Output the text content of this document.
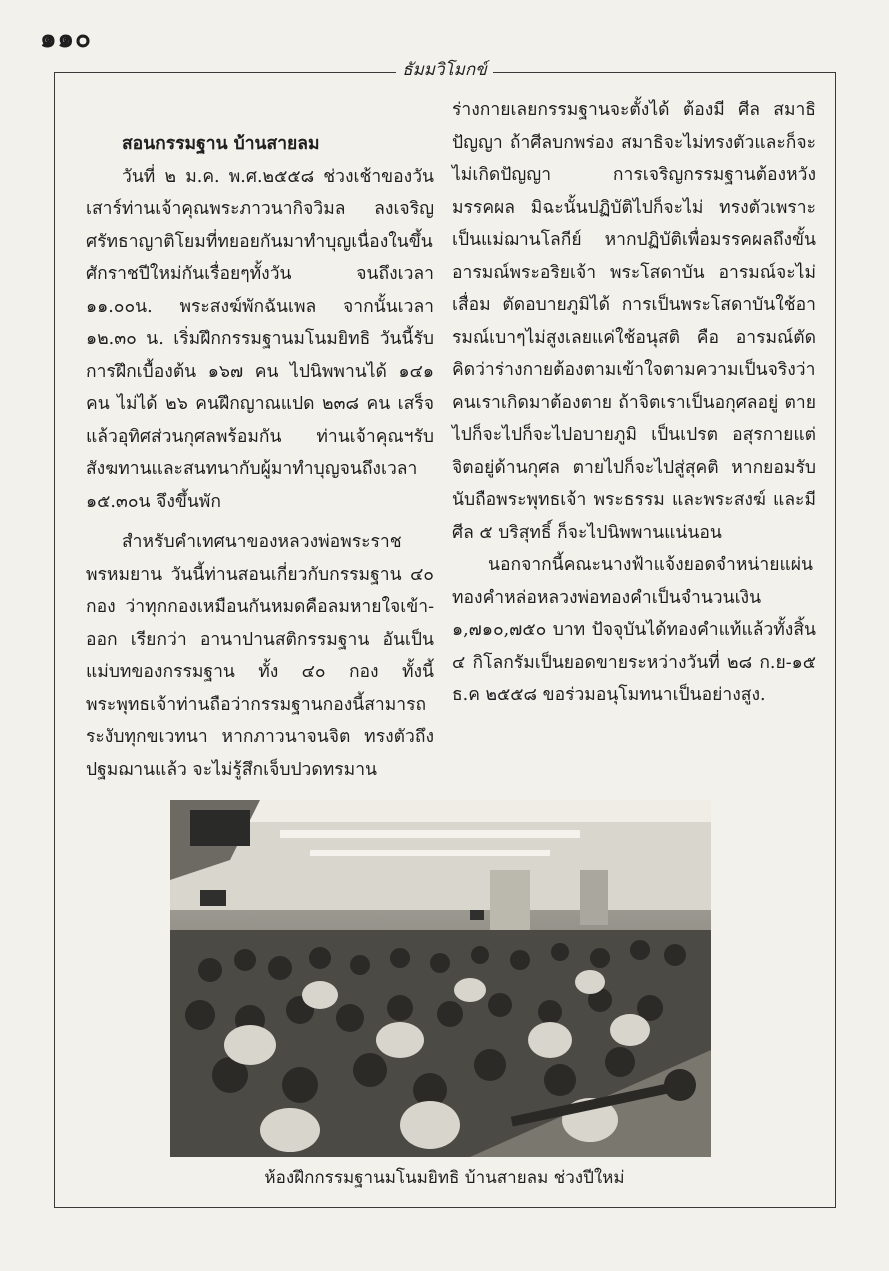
๑๑๐
ธัมมวิโมกข์

สอนกรรมฐาน บ้านสายลม

วันที่ ๒ ม.ค. พ.ศ.๒๕๕๘ ช่วงเช้าของวันเสาร์ท่านเจ้าคุณพระภาวนากิจวิมล ลงเจริญศรัทธาญาติโยมที่ทยอยกันมาทำบุญเนื่องในขึ้นศักราชปีใหม่กันเรื่อยๆทั้งวัน จนถึงเวลา ๑๑.๐๐น. พระสงฆ์พักฉันเพล จากนั้นเวลา ๑๒.๓๐ น. เริ่มฝึกกรรมฐานมโนมยิทธิ วันนี้รับการฝึกเบื้องต้น ๑๖๗ คน ไปนิพพานได้ ๑๔๑ คน ไม่ได้ ๒๖ คนฝึกญาณแปด ๒๓๘ คน เสร็จแล้วอุทิศส่วนกุศลพร้อมกัน ท่านเจ้าคุณฯรับสังฆทานและสนทนากับผู้มาทำบุญจนถึงเวลา ๑๕.๓๐น จึงขึ้นพัก

สำหรับคำเทศนาของหลวงพ่อพระราชพรหมยาน วันนี้ท่านสอนเกี่ยวกับกรรมฐาน ๔๐ กอง ว่าทุกกองเหมือนกันหมดคือลมหายใจเข้า-ออก เรียกว่า อานาปานสติกรรมฐาน อันเป็นแม่บทของกรรมฐาน ทั้ง ๔๐ กอง ทั้งนี้พระพุทธเจ้าท่านถือว่ากรรมฐานกองนี้สามารถระงับทุกขเวทนา หากภาวนาจนจิต ทรงตัวถึงปฐมฌานแล้ว จะไม่รู้สึกเจ็บปวดทรมาน

ร่างกายเลยกรรมฐานจะตั้งได้ ต้องมี ศีล สมาธิ ปัญญา ถ้าศีลบกพร่อง สมาธิจะไม่ทรงตัวและก็จะไม่เกิดปัญญา การเจริญกรรมฐานต้องหวังมรรคผล มิฉะนั้นปฏิบัติไปก็จะไม่ ทรงตัวเพราะเป็นแม่ฌานโลกีย์ หากปฏิบัติเพื่อมรรคผลถึงขั้นอารมณ์พระอริยเจ้า พระโสดาบัน อารมณ์จะไม่เสื่อม ตัดอบายภูมิได้ การเป็นพระโสดาบันใช้อารมณ์เบาๆไม่สูงเลยแค่ใช้อนุสติ คือ อารมณ์ตัด คิดว่าร่างกายต้องตามเข้าใจตามความเป็นจริงว่า คนเราเกิดมาต้องตาย ถ้าจิตเราเป็นอกุศลอยู่ ตายไปก็จะไปก็จะไปอบายภูมิ เป็นเปรต อสุรกายแต่จิตอยู่ด้านกุศล ตายไปก็จะไปสู่สุคติ หากยอมรับนับถือพระพุทธเจ้า พระธรรม และพระสงฆ์ และมีศีล ๕ บริสุทธิ์ ก็จะไปนิพพานแน่นอน

นอกจากนี้คณะนางฟ้าแจ้งยอดจำหน่ายแผ่นทองคำหล่อหลวงพ่อทองคำเป็นจำนวนเงิน ๑,๗๑๐,๗๕๐ บาท ปัจจุบันได้ทองคำแท้แล้วทั้งสิ้น ๔ กิโลกรัมเป็นยอดขายระหว่างวันที่ ๒๘ ก.ย-๑๕ ธ.ค ๒๕๕๘ ขอร่วมอนุโมทนาเป็นอย่างสูง.

ห้องฝึกกรรมฐานมโนมยิทธิ บ้านสายลม ช่วงปีใหม่
